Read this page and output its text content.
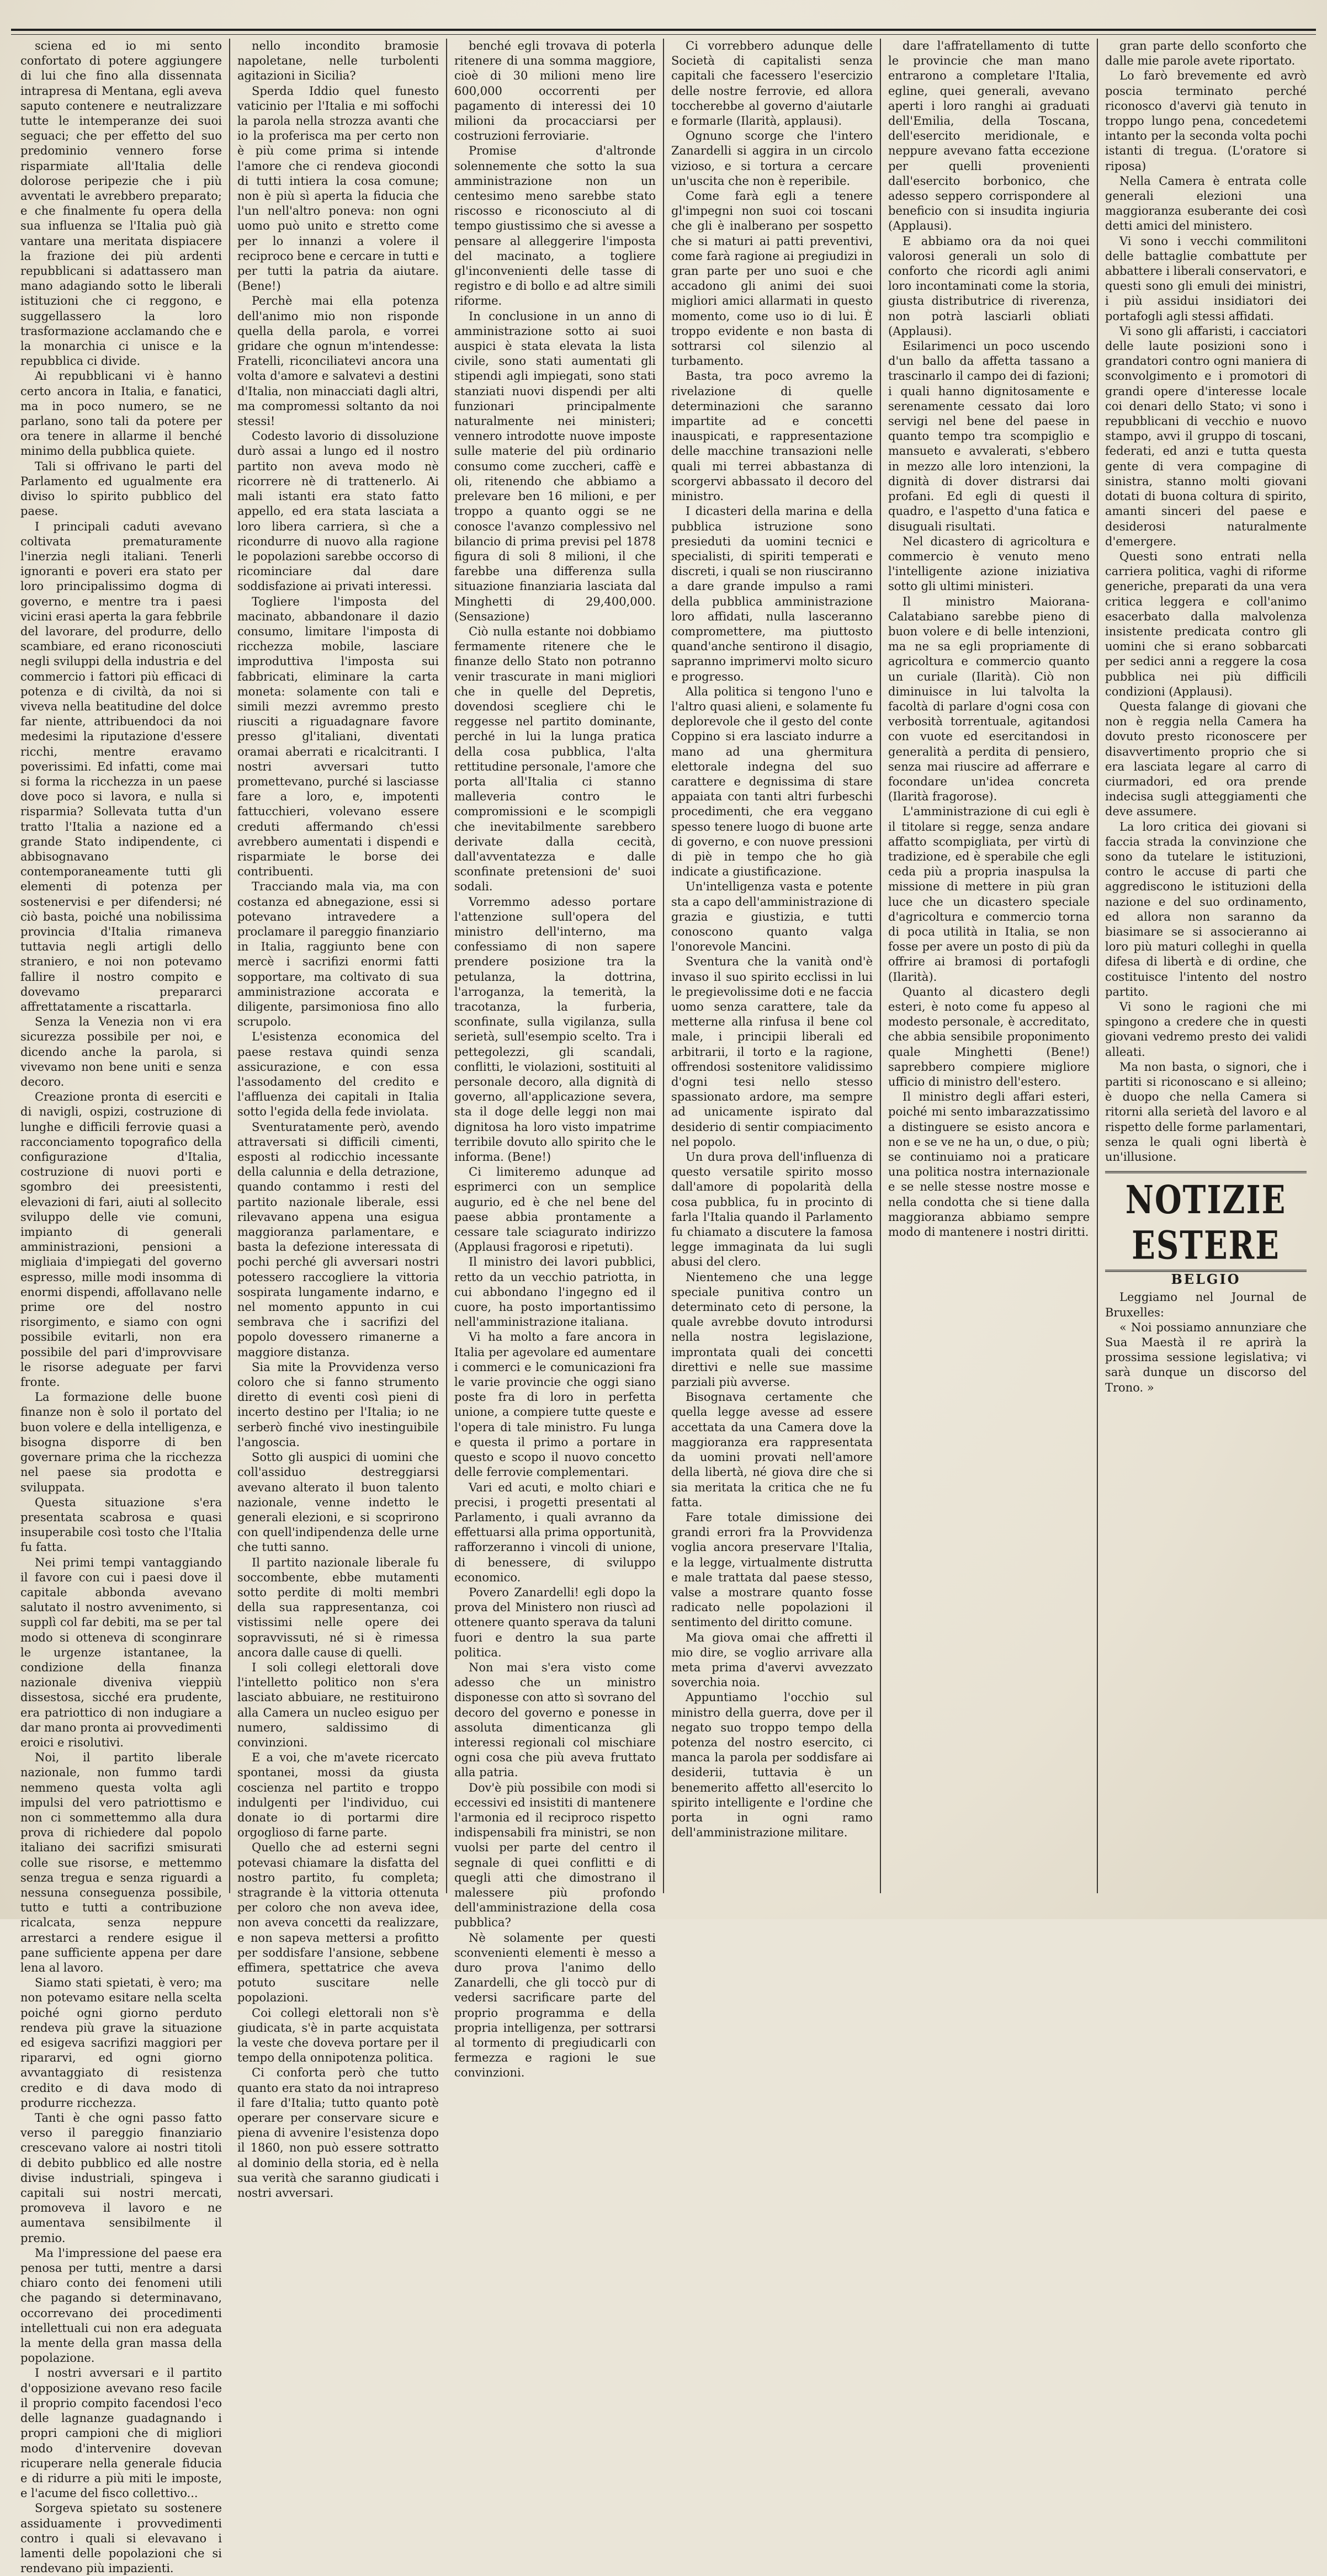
sciena ed io mi sento confortato di potere aggiungere di lui che fino alla dissennata intrapresa di Mentana, egli aveva saputo contenere e neutralizzare tutte le intemperanze dei suoi seguaci; che per effetto del suo predominio vennero forse risparmiate all'Italia delle dolorose peripezie che i più avventati le avrebbero preparato; e che finalmente fu opera della sua influenza se l'Italia può già vantare una meritata dispiacere la frazione dei più ardenti repubblicani si adattassero man mano adagiando sotto le liberali istituzioni che ci reggono, e suggellassero la loro trasformazione acclamando che e la monarchia ci unisce e la repubblica ci divide.

Ai repubblicani vi è hanno certo ancora in Italia, e fanatici, ma in poco numero, se ne parlano, sono tali da potere per ora tenere in allarme il benché minimo della pubblica quiete.

Tali si offrivano le parti del Parlamento ed ugualmente era diviso lo spirito pubblico del paese.

I principali caduti avevano coltivata prematuramente l'inerzia negli italiani. Tenerli ignoranti e poveri era stato per loro principalissimo dogma di governo, e mentre tra i paesi vicini erasi aperta la gara febbrile del lavorare, del produrre, dello scambiare, ed erano riconosciuti negli sviluppi della industria e del commercio i fattori più efficaci di potenza e di civiltà, da noi si viveva nella beatitudine del dolce far niente, attribuendoci da noi medesimi la riputazione d'essere ricchi, mentre eravamo poverissimi. Ed infatti, come mai si forma la ricchezza in un paese dove poco si lavora, e nulla si risparmia? Sollevata tutta d'un tratto l'Italia a nazione ed a grande Stato indipendente, ci abbisognavano contemporaneamente tutti gli elementi di potenza per sostenervisi e per difendersi; né ciò basta, poiché una nobilissima provincia d'Italia rimaneva tuttavia negli artigli dello straniero, e noi non potevamo fallire il nostro compito e dovevamo prepararci affrettatamente a riscattarla.

Senza la Venezia non vi era sicurezza possibile per noi, e dicendo anche la parola, si vivevamo non bene uniti e senza decoro.

Creazione pronta di eserciti e di navigli, ospizi, costruzione di lunghe e difficili ferrovie quasi a racconciamento topografico della configurazione d'Italia, costruzione di nuovi porti e sgombro dei preesistenti, elevazioni di fari, aiuti al sollecito sviluppo delle vie comuni, impianto di generali amministrazioni, pensioni a migliaia d'impiegati del governo espresso, mille modi insomma di enormi dispendi, affollavano nelle prime ore del nostro risorgimento, e siamo con ogni possibile evitarli, non era possibile del pari d'improvvisare le risorse adeguate per farvi fronte.

La formazione delle buone finanze non è solo il portato del buon volere e della intelligenza, e bisogna disporre di ben governare prima che la ricchezza nel paese sia prodotta e sviluppata.

Questa situazione s'era presentata scabrosa e quasi insuperabile così tosto che l'Italia fu fatta.

Nei primi tempi vantaggiando il favore con cui i paesi dove il capitale abbonda avevano salutato il nostro avvenimento, si supplì col far debiti, ma se per tal modo si otteneva di sconginrare le urgenze istantanee, la condizione della finanza nazionale diveniva vieppiù dissestosa, sicché era prudente, era patriottico di non indugiare a dar mano pronta ai provvedimenti eroici e risolutivi.

Noi, il partito liberale nazionale, non fummo tardi nemmeno questa volta agli impulsi del vero patriottismo e non ci sommettemmo alla dura prova di richiedere dal popolo italiano dei sacrifizi smisurati colle sue risorse, e mettemmo senza tregua e senza riguardi a nessuna conseguenza possibile, tutto e tutti a contribuzione ricalcata, senza neppure arrestarci a rendere esigue il pane sufficiente appena per dare lena al lavoro.

Siamo stati spietati, è vero; ma non potevamo esitare nella scelta poiché ogni giorno perduto rendeva più grave la situazione ed esigeva sacrifizi maggiori per ripararvi, ed ogni giorno avvantaggiato di resistenza credito e di dava modo di produrre ricchezza.

Tanti è che ogni passo fatto verso il pareggio finanziario crescevano valore ai nostri titoli di debito pubblico ed alle nostre divise industriali, spingeva i capitali sui nostri mercati, promoveva il lavoro e ne aumentava sensibilmente il premio.

Ma l'impressione del paese era penosa per tutti, mentre a darsi chiaro conto dei fenomeni utili che pagando si determinavano, occorrevano dei procedimenti intellettuali cui non era adeguata la mente della gran massa della popolazione.

I nostri avversari e il partito d'opposizione avevano reso facile il proprio compito facendosi l'eco delle lagnanze guadagnando i propri campioni che di migliori modo d'intervenire dovevan ricuperare nella generale fiducia e di ridurre a più miti le imposte, e l'acume del fisco collettivo...

Sorgeva spietato su sostenere assiduamente i provvedimenti contro i quali si elevavano i lamenti delle popolazioni che si rendevano più impazienti.

nello incondito bramosie napoletane, nelle turbolenti agitazioni in Sicilia?

Sperda Iddio quel funesto vaticinio per l'Italia e mi soffochi la parola nella strozza avanti che io la proferisca ma per certo non è più come prima si intende l'amore che ci rendeva giocondi di tutti intiera la cosa comune; non è più sì aperta la fiducia che l'un nell'altro poneva: non ogni uomo può unito e stretto come per lo innanzi a volere il reciproco bene e cercare in tutti e per tutti la patria da aiutare. (Bene!)

Perchè mai ella potenza dell'animo mio non risponde quella della parola, e vorrei gridare che ognun m'intendesse: Fratelli, riconciliatevi ancora una volta d'amore e salvatevi a destini d'Italia, non minacciati dagli altri, ma compromessi soltanto da noi stessi!

Codesto lavorio di dissoluzione durò assai a lungo ed il nostro partito non aveva modo nè ricorrere nè di trattenerlo. Ai mali istanti era stato fatto appello, ed era stata lasciata a loro libera carriera, sì che a ricondurre di nuovo alla ragione le popolazioni sarebbe occorso di ricominciare dal dare soddisfazione ai privati interessi.

Togliere l'imposta del macinato, abbandonare il dazio consumo, limitare l'imposta di ricchezza mobile, lasciare improduttiva l'imposta sui fabbricati, eliminare la carta moneta: solamente con tali e simili mezzi avremmo presto riusciti a riguadagnare favore presso gl'italiani, diventati oramai aberrati e ricalcitranti. I nostri avversari tutto promettevano, purché si lasciasse fare a loro, e, impotenti fattucchieri, volevano essere creduti affermando ch'essi avrebbero aumentati i dispendi e risparmiate le borse dei contribuenti.

Tracciando mala via, ma con costanza ed abnegazione, essi si potevano intravedere a proclamare il pareggio finanziario in Italia, raggiunto bene con mercè i sacrifizi enormi fatti sopportare, ma coltivato di sua amministrazione accorata e diligente, parsimoniosa fino allo scrupolo.

L'esistenza economica del paese restava quindi senza assicurazione, e con essa l'assodamento del credito e l'affluenza dei capitali in Italia sotto l'egida della fede inviolata.

Sventuratamente però, avendo attraversati si difficili cimenti, esposti al rodicchio incessante della calunnia e della detrazione, quando contammo i resti del partito nazionale liberale, essi rilevavano appena una esigua maggioranza parlamentare, e basta la defezione interessata di pochi perché gli avversari nostri potessero raccogliere la vittoria sospirata lungamente indarno, e nel momento appunto in cui sembrava che i sacrifizi del popolo dovessero rimanerne a maggiore distanza.

Sia mite la Provvidenza verso coloro che si fanno strumento diretto di eventi così pieni di incerto destino per l'Italia; io ne serberò finché vivo inestinguibile l'angoscia.

Sotto gli auspici di uomini che coll'assiduo destreggiarsi avevano alterato il buon talento nazionale, venne indetto le generali elezioni, e si scoprirono con quell'indipendenza delle urne che tutti sanno.

Il partito nazionale liberale fu soccombente, ebbe mutamenti sotto perdite di molti membri della sua rappresentanza, coi vistissimi nelle opere dei sopravvissuti, né si è rimessa ancora dalle cause di quelli.

I soli collegi elettorali dove l'intelletto politico non s'era lasciato abbuiare, ne restituirono alla Camera un nucleo esiguo per numero, saldissimo di convinzioni.

E a voi, che m'avete ricercato spontanei, mossi da giusta coscienza nel partito e troppo indulgenti per l'individuo, cui donate io di portarmi dire orgoglioso di farne parte.

Quello che ad esterni segni potevasi chiamare la disfatta del nostro partito, fu completa; stragrande è la vittoria ottenuta per coloro che non aveva idee, non aveva concetti da realizzare, e non sapeva mettersi a profitto per soddisfare l'ansione, sebbene effimera, spettatrice che aveva potuto suscitare nelle popolazioni.

Coi collegi elettorali non s'è giudicata, s'è in parte acquistata la veste che doveva portare per il tempo della onnipotenza politica.

Ci conforta però che tutto quanto era stato da noi intrapreso il fare d'Italia; tutto quanto potè operare per conservare sicure e piena di avvenire l'esistenza dopo il 1860, non può essere sottratto al dominio della storia, ed è nella sua verità che saranno giudicati i nostri avversari.

benché egli trovava di poterla ritenere di una somma maggiore, cioè di 30 milioni meno lire 600,000 occorrenti per pagamento di interessi dei 10 milioni da procacciarsi per costruzioni ferroviarie.

Promise d'altronde solennemente che sotto la sua amministrazione non un centesimo meno sarebbe stato riscosso e riconosciuto al di tempo giustissimo che si avesse a pensare al alleggerire l'imposta del macinato, a togliere gl'inconvenienti delle tasse di registro e di bollo e ad altre simili riforme.

In conclusione in un anno di amministrazione sotto ai suoi auspici è stata elevata la lista civile, sono stati aumentati gli stipendi agli impiegati, sono stati stanziati nuovi dispendi per alti funzionari principalmente naturalmente nei ministeri; vennero introdotte nuove imposte sulle materie del più ordinario consumo come zuccheri, caffè e oli, ritenendo che abbiamo a prelevare ben 16 milioni, e per troppo a quanto oggi se ne conosce l'avanzo complessivo nel bilancio di prima previsi pel 1878 figura di soli 8 milioni, il che farebbe una differenza sulla situazione finanziaria lasciata dal Minghetti di 29,400,000. (Sensazione)

Ciò nulla estante noi dobbiamo fermamente ritenere che le finanze dello Stato non potranno venir trascurate in mani migliori che in quelle del Depretis, dovendosi scegliere chi le reggesse nel partito dominante, perché in lui la lunga pratica della cosa pubblica, l'alta rettitudine personale, l'amore che porta all'Italia ci stanno malleveria contro le compromissioni e le scompigli che inevitabilmente sarebbero derivate dalla cecità, dall'avventatezza e dalle sconfinate pretensioni de' suoi sodali.

Vorremmo adesso portare l'attenzione sull'opera del ministro dell'interno, ma confessiamo di non sapere prendere posizione tra la petulanza, la dottrina, l'arroganza, la temerità, la tracotanza, la furberia, sconfinate, sulla vigilanza, sulla serietà, sull'esempio scelto. Tra i pettegolezzi, gli scandali, conflitti, le violazioni, sostituiti al personale decoro, alla dignità di governo, all'applicazione severa, sta il doge delle leggi non mai dignitosa ha loro visto impatrime terribile dovuto allo spirito che le informa. (Bene!)

Ci limiteremo adunque ad esprimerci con un semplice augurio, ed è che nel bene del paese abbia prontamente a cessare tale sciagurato indirizzo (Applausi fragorosi e ripetuti).

Il ministro dei lavori pubblici, retto da un vecchio patriotta, in cui abbondano l'ingegno ed il cuore, ha posto importantissimo nell'amministrazione italiana.

Vi ha molto a fare ancora in Italia per agevolare ed aumentare i commerci e le comunicazioni fra le varie provincie che oggi siano poste fra di loro in perfetta unione, a compiere tutte queste e l'opera di tale ministro. Fu lunga e questa il primo a portare in questo e scopo il nuovo concetto delle ferrovie complementari.

Vari ed acuti, e molto chiari e precisi, i progetti presentati al Parlamento, i quali avranno da effettuarsi alla prima opportunità, rafforzeranno i vincoli di unione, di benessere, di sviluppo economico.

Povero Zanardelli! egli dopo la prova del Ministero non riuscì ad ottenere quanto sperava da taluni fuori e dentro la sua parte politica.

Non mai s'era visto come adesso che un ministro disponesse con atto sì sovrano del decoro del governo e ponesse in assoluta dimenticanza gli interessi regionali col mischiare ogni cosa che più aveva fruttato alla patria.

Dov'è più possibile con modi si eccessivi ed insistiti di mantenere l'armonia ed il reciproco rispetto indispensabili fra ministri, se non vuolsi per parte del centro il segnale di quei conflitti e di quegli atti che dimostrano il malessere più profondo dell'amministrazione della cosa pubblica?

Nè solamente per questi sconvenienti elementi è messo a duro prova l'animo dello Zanardelli, che gli toccò pur di vedersi sacrificare parte del proprio programma e della propria intelligenza, per sottrarsi al tormento di pregiudicarli con fermezza e ragioni le sue convinzioni.

Ci vorrebbero adunque delle Società di capitalisti senza capitali che facessero l'esercizio delle nostre ferrovie, ed allora toccherebbe al governo d'aiutarle e formarle (Ilarità, applausi).

Ognuno scorge che l'intero Zanardelli si aggira in un circolo vizioso, e si tortura a cercare un'uscita che non è reperibile.

Come farà egli a tenere gl'impegni non suoi coi toscani che gli è inalberano per sospetto che si maturi ai patti preventivi, come farà ragione ai pregiudizi in gran parte per uno suoi e che accadono gli animi dei suoi migliori amici allarmati in questo momento, come uso io di lui. È troppo evidente e non basta di sottrarsi col silenzio al turbamento.

Basta, tra poco avremo la rivelazione di quelle determinazioni che saranno impartite ad e concetti inauspicati, e rappresentazione delle macchine transazioni nelle quali mi terrei abbastanza di scorgervi abbassato il decoro del ministro.

I dicasteri della marina e della pubblica istruzione sono presieduti da uomini tecnici e specialisti, di spiriti temperati e discreti, i quali se non riusciranno a dare grande impulso a rami della pubblica amministrazione loro affidati, nulla lasceranno compromettere, ma piuttosto quand'anche sentirono il disagio, sapranno imprimervi molto sicuro e progresso.

Alla politica si tengono l'uno e l'altro quasi alieni, e solamente fu deplorevole che il gesto del conte Coppino si era lasciato indurre a mano ad una ghermitura elettorale indegna del suo carattere e degnissima di stare appaiata con tanti altri furbeschi procedimenti, che era veggano spesso tenere luogo di buone arte di governo, e con nuove pressioni di piè in tempo che ho già indicate a giustificazione.

Un'intelligenza vasta e potente sta a capo dell'amministrazione di grazia e giustizia, e tutti conoscono quanto valga l'onorevole Mancini.

Sventura che la vanità ond'è invaso il suo spirito ecclissi in lui le pregievolissime doti e ne faccia uomo senza carattere, tale da metterne alla rinfusa il bene col male, i principii liberali ed arbitrarii, il torto e la ragione, offrendosi sostenitore validissimo d'ogni tesi nello stesso spassionato ardore, ma sempre ad unicamente ispirato dal desiderio di sentir compiacimento nel popolo.

Un dura prova dell'influenza di questo versatile spirito mosso dall'amore di popolarità della cosa pubblica, fu in procinto di farla l'Italia quando il Parlamento fu chiamato a discutere la famosa legge immaginata da lui sugli abusi del clero.

Nientemeno che una legge speciale punitiva contro un determinato ceto di persone, la quale avrebbe dovuto introdursi nella nostra legislazione, improntata quali dei concetti direttivi e nelle sue massime parziali più avverse.

Bisognava certamente che quella legge avesse ad essere accettata da una Camera dove la maggioranza era rappresentata da uomini provati nell'amore della libertà, né giova dire che si sia meritata la critica che ne fu fatta.

Fare totale dimissione dei grandi errori fra la Provvidenza voglia ancora preservare l'Italia, e la legge, virtualmente distrutta e male trattata dal paese stesso, valse a mostrare quanto fosse radicato nelle popolazioni il sentimento del diritto comune.

Ma giova omai che affretti il mio dire, se voglio arrivare alla meta prima d'avervi avvezzato soverchia noia.

Appuntiamo l'occhio sul ministro della guerra, dove per il negato suo troppo tempo della potenza del nostro esercito, ci manca la parola per soddisfare ai desiderii, tuttavia è un benemerito affetto all'esercito lo spirito intelligente e l'ordine che porta in ogni ramo dell'amministrazione militare.

dare l'affratellamento di tutte le provincie che man mano entrarono a completare l'Italia, egline, quei generali, avevano aperti i loro ranghi ai graduati dell'Emilia, della Toscana, dell'esercito meridionale, e neppure avevano fatta eccezione per quelli provenienti dall'esercito borbonico, che adesso seppero corrispondere al beneficio con si insudita ingiuria (Applausi).

E abbiamo ora da noi quei valorosi generali un solo di conforto che ricordi agli animi loro incontaminati come la storia, giusta distributrice di riverenza, non potrà lasciarli obliati (Applausi).

Esilarimenci un poco uscendo d'un ballo da affetta tassano a trascinarlo il campo dei di fazioni; i quali hanno dignitosamente e serenamente cessato dai loro servigi nel bene del paese in quanto tempo tra scompiglio e mansueto e avvalerati, s'ebbero in mezzo alle loro intenzioni, la dignità di dover distrarsi dai profani. Ed egli di questi il quadro, e l'aspetto d'una fatica e disuguali risultati.

Nel dicastero di agricoltura e commercio è venuto meno l'intelligente azione iniziativa sotto gli ultimi ministeri.

Il ministro Maiorana-Calatabiano sarebbe pieno di buon volere e di belle intenzioni, ma ne sa egli propriamente di agricoltura e commercio quanto un curiale (Ilarità). Ciò non diminuisce in lui talvolta la facoltà di parlare d'ogni cosa con verbosità torrentuale, agitandosi con vuote ed esercitandosi in generalità a perdita di pensiero, senza mai riuscire ad afferrare e focondare un'idea concreta (Ilarità fragorose).

L'amministrazione di cui egli è il titolare si regge, senza andare affatto scompigliata, per virtù di tradizione, ed è sperabile che egli ceda più a propria inaspulsa la missione di mettere in più gran luce che un dicastero speciale d'agricoltura e commercio torna di poca utilità in Italia, se non fosse per avere un posto di più da offrire ai bramosi di portafogli (Ilarità).

Quanto al dicastero degli esteri, è noto come fu appeso al modesto personale, è accreditato, che abbia sensibile proponimento quale Minghetti (Bene!) saprebbero compiere migliore ufficio di ministro dell'estero.

Il ministro degli affari esteri, poiché mi sento imbarazzatissimo a distinguere se esisto ancora e non e se ve ne ha un, o due, o più; se continuiamo noi a praticare una politica nostra internazionale e se nelle stesse nostre mosse e nella condotta che si tiene dalla maggioranza abbiamo sempre modo di mantenere i nostri diritti.

gran parte dello sconforto che dalle mie parole avete riportato.

Lo farò brevemente ed avrò poscia terminato perché riconosco d'avervi già tenuto in troppo lungo pena, concedetemi intanto per la seconda volta pochi istanti di tregua. (L'oratore si riposa)

Nella Camera è entrata colle generali elezioni una maggioranza esuberante dei così detti amici del ministero.

Vi sono i vecchi commilitoni delle battaglie combattute per abbattere i liberali conservatori, e questi sono gli emuli dei ministri, i più assidui insidiatori dei portafogli agli stessi affidati.

Vi sono gli affaristi, i cacciatori delle laute posizioni sono i grandatori contro ogni maniera di sconvolgimento e i promotori di grandi opere d'interesse locale coi denari dello Stato; vi sono i repubblicani di vecchio e nuovo stampo, avvi il gruppo di toscani, federati, ed anzi e tutta questa gente di vera compagine di sinistra, stanno molti giovani dotati di buona coltura di spirito, amanti sinceri del paese e desiderosi naturalmente d'emergere.

Questi sono entrati nella carriera politica, vaghi di riforme generiche, preparati da una vera critica leggera e coll'animo esacerbato dalla malvolenza insistente predicata contro gli uomini che si erano sobbarcati per sedici anni a reggere la cosa pubblica nei più difficili condizioni (Applausi).

Questa falange di giovani che non è reggia nella Camera ha dovuto presto riconoscere per disavvertimento proprio che si era lasciata legare al carro di ciurmadori, ed ora prende indecisa sugli atteggiamenti che deve assumere.

La loro critica dei giovani si faccia strada la convinzione che sono da tutelare le istituzioni, contro le accuse di parti che aggrediscono le istituzioni della nazione e del suo ordinamento, ed allora non saranno da biasimare se si associeranno ai loro più maturi colleghi in quella difesa di libertà e di ordine, che costituisce l'intento del nostro partito.

Vi sono le ragioni che mi spingono a credere che in questi giovani vedremo presto dei validi alleati.

Ma non basta, o signori, che i partiti si riconoscano e si alleino; è duopo che nella Camera si ritorni alla serietà del lavoro e al rispetto delle forme parlamentari, senza le quali ogni libertà è un'illusione.

NOTIZIE ESTERE
BELGIO

Leggiamo nel Journal de Bruxelles:

« Noi possiamo annunziare che Sua Maestà il re aprirà la prossima sessione legislativa; vi sarà dunque un discorso del Trono. »
